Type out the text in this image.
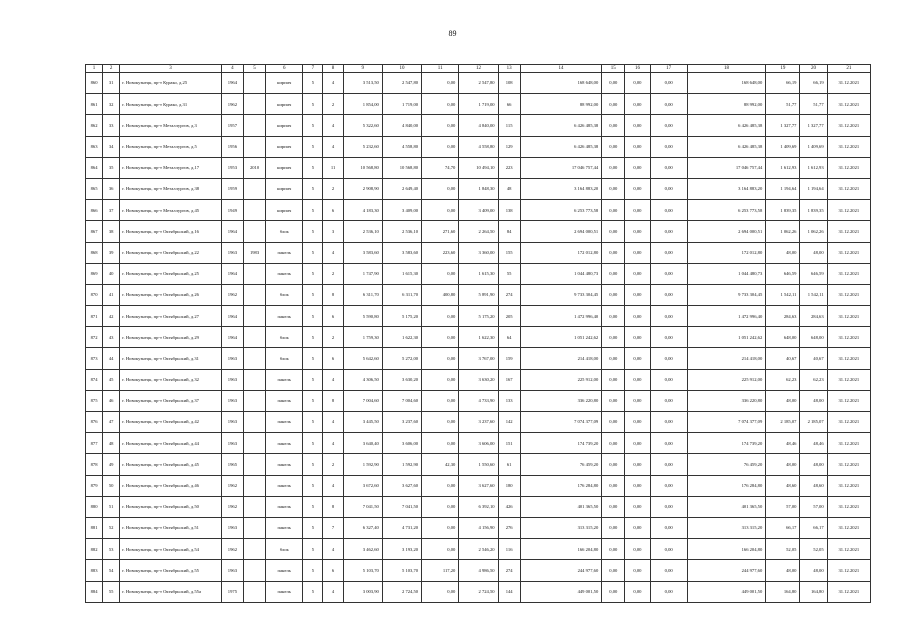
89
1	2	3	4	5	6	7	8	9	10	11	12	13	14	15	16	17	18	19	20	21
860	31	г. Новокузнецк, пр-т Курако, д.25	1964		кирпич	5	4	3 513,50	2 547,80	0,00	2 547,80	108	168 648,00	0,00	0,00	0,00	168 648,00	66,19	66,19	31.12.2021
861	32	г. Новокузнецк, пр-т Курако, д.31	1962		кирпич	5	2	1 854,00	1 719,00	0,00	1 719,00	66	88 992,00	0,00	0,00	0,00	88 992,00	51,77	51,77	31.12.2021
862	33	г. Новокузнецк, пр-т Металлургов, д.3	1957		кирпич	5	4	5 322,60	4 840,00	0,00	4 840,00	115	6 426 485,38	0,00	0,00	0,00	6 426 485,38	1 327,77	1 327,77	31.12.2021
863	34	г. Новокузнецк, пр-т Металлургов, д.5	1956		кирпич	5	4	5 232,60	4 558,80	0,00	4 558,80	129	6 426 485,38	0,00	0,00	0,00	6 426 485,38	1 409,69	1 409,69	31.12.2021
864	35	г. Новокузнецк, пр-т Металлургов, д.17	1953	2010	кирпич	5	11	10 568,80	10 568,80	74,70	10 494,10	223	17 046 757,44	0,00	0,00	0,00	17 046 757,44	1 612,93	1 612,93	31.12.2021
865	36	г. Новокузнецк, пр-т Металлургов, д.38	1959		кирпич	5	2	2 908,90	2 649,40	0,00	1 848,30	48	3 164 883,20	0,00	0,00	0,00	3 164 883,20	1 194,64	1 194,64	31.12.2021
866	37	г. Новокузнецк, пр-т Металлургов, д.45	1949		кирпич	5	6	4 183,30	3 409,00	0,00	3 409,00	138	6 253 773,58	0,00	0,00	0,00	6 253 773,58	1 839,35	1 839,35	31.12.2021
867	38	г. Новокузнецк, пр-т Октябрьский, д.16	1964		блок	5	3	2 536,10	2 536,10	271,60	2 264,50	84	2 694 000,51	0,00	0,00	0,00	2 694 000,51	1 062,26	1 062,26	31.12.2021
868	39	г. Новокузнецк, пр-т Октябрьский, д.22	1963	1983	панель	5	4	3 583,60	3 583,60	223,60	3 360,00	155	172 012,80	0,00	0,00	0,00	172 012,80	48,00	48,00	31.12.2021
869	40	г. Новокузнецк, пр-т Октябрьский, д.25	1964		панель	5	2	1 747,90	1 615,30	0,00	1 615,30	55	1 044 480,73	0,00	0,00	0,00	1 044 480,73	646,59	646,59	31.12.2021
870	41	г. Новокузнецк, пр-т Октябрьский, д.26	1962		блок	5	8	6 311,70	6 311,70	400,80	5 891,90	274	9 733 304,45	0,00	0,00	0,00	9 733 304,45	1 542,11	1 542,11	31.12.2021
871	42	г. Новокузнецк, пр-т Октябрьский, д.27	1964		панель	5	6	5 590,80	5 175,20	0,00	5 175,20	205	1 472 996,40	0,00	0,00	0,00	1 472 996,40	284,63	284,63	31.12.2021
872	43	г. Новокузнецк, пр-т Октябрьский, д.29	1964		блок	5	2	1 759,30	1 622,30	0,00	1 622,30	64	1 051 242,62	0,00	0,00	0,00	1 051 242,62	648,00	648,00	31.12.2021
873	44	г. Новокузнецк, пр-т Октябрьский, д.31	1963		блок	5	6	5 642,60	5 272,00	0,00	3 767,00	159	214 418,00	0,00	0,00	0,00	214 418,00	40,67	40,67	31.12.2021
874	45	г. Новокузнецк, пр-т Октябрьский, д.32	1963		панель	5	4	4 306,50	3 630,20	0,00	3 630,20	167	225 912,00	0,00	0,00	0,00	225 912,00	62,23	62,23	31.12.2021
875	46	г. Новокузнецк, пр-т Октябрьский, д.37	1963		панель	5	8	7 004,60	7 004,60	0,00	4 733,90	133	336 220,80	0,00	0,00	0,00	336 220,80	48,00	48,00	31.12.2021
876	47	г. Новокузнецк, пр-т Октябрьский, д.42	1963		панель	5	4	3 445,50	3 237,60	0,00	3 237,60	142	7 074 377,09	0,00	0,00	0,00	7 074 377,09	2 185,07	2 185,07	31.12.2021
877	48	г. Новокузнецк, пр-т Октябрьский, д.44	1963		панель	5	4	3 640,40	3 606,00	0,00	3 606,00	151	174 739,20	0,00	0,00	0,00	174 739,20	48,46	48,46	31.12.2021
878	49	г. Новокузнецк, пр-т Октябрьский, д.45	1965		панель	5	2	1 592,90	1 592,90	42,30	1 550,60	61	76 459,20	0,00	0,00	0,00	76 459,20	48,00	48,00	31.12.2021
879	50	г. Новокузнецк, пр-т Октябрьский, д.46	1962		панель	5	4	3 672,60	3 627,60	0,00	3 627,60	180	176 284,80	0,00	0,00	0,00	176 284,80	48,60	48,60	31.12.2021
880	51	г. Новокузнецк, пр-т Октябрьский, д.50	1962		панель	5	8	7 041,50	7 041,50	0,00	6 392,10	426	401 365,50	0,00	0,00	0,00	401 365,50	57,00	57,00	31.12.2021
881	52	г. Новокузнецк, пр-т Октябрьский, д.51	1963		панель	5	7	6 327,40	4 731,20	0,00	4 156,90	276	313 315,20	0,00	0,00	0,00	313 315,20	66,17	66,17	31.12.2021
882	53	г. Новокузнецк, пр-т Октябрьский, д.54	1962		блок	5	4	3 462,60	3 193,20	0,00	2 546,20	116	166 204,80	0,00	0,00	0,00	166 204,80	52,05	52,05	31.12.2021
883	54	г. Новокузнецк, пр-т Октябрьский, д.55	1963		панель	5	6	5 103,70	5 103,70	117,20	4 986,50	274	244 977,60	0,00	0,00	0,00	244 977,60	48,00	48,00	31.12.2021
884	55	г. Новокузнецк, пр-т Октябрьский, д.55а	1975		панель	5	4	3 003,90	2 724,50	0,00	2 724,50	144	449 001,50	0,00	0,00	0,00	449 001,50	164,80	164,80	31.12.2021
